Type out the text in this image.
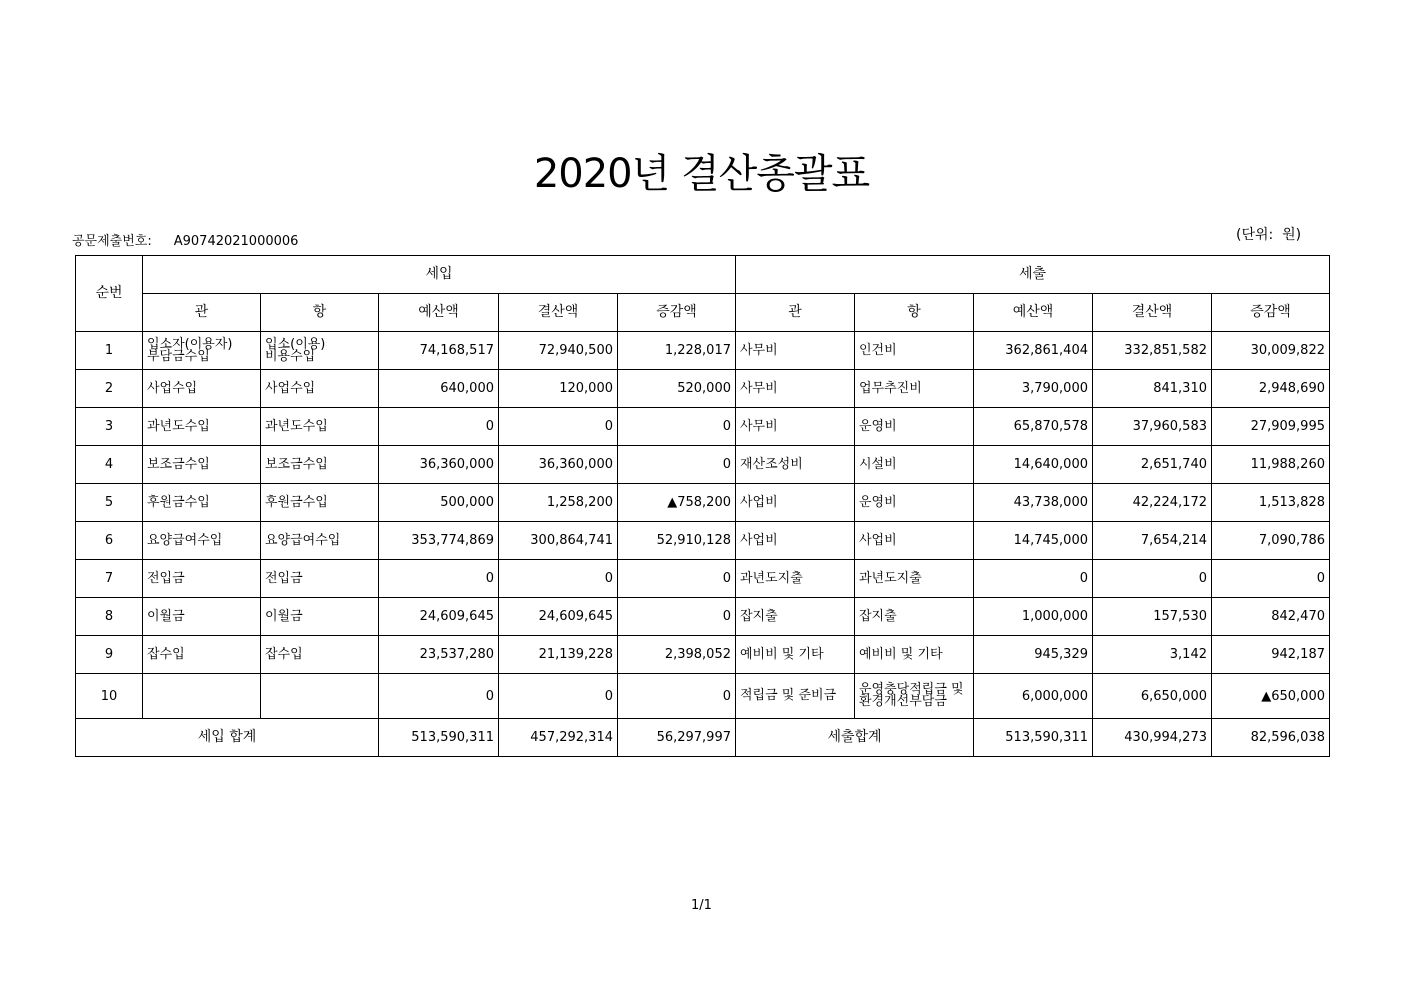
2020년 결산총괄표
공문제출번호: A90742021000006	(단위:  원)
순번	세입					세출				
	관	항	예산액	결산액	증감액	관	항	예산액	결산액	증감액
1	입소자(이용자)부담금수입	입소(이용)비용수입	74,168,517	72,940,500	1,228,017	사무비	인건비	362,861,404	332,851,582	30,009,822
2	사업수입	사업수입	640,000	120,000	520,000	사무비	업무추진비	3,790,000	841,310	2,948,690
3	과년도수입	과년도수입	0	0	0	사무비	운영비	65,870,578	37,960,583	27,909,995
4	보조금수입	보조금수입	36,360,000	36,360,000	0	재산조성비	시설비	14,640,000	2,651,740	11,988,260
5	후원금수입	후원금수입	500,000	1,258,200	▲758,200	사업비	운영비	43,738,000	42,224,172	1,513,828
6	요양급여수입	요양급여수입	353,774,869	300,864,741	52,910,128	사업비	사업비	14,745,000	7,654,214	7,090,786
7	전입금	전입금	0	0	0	과년도지출	과년도지출	0	0	0
8	이월금	이월금	24,609,645	24,609,645	0	잡지출	잡지출	1,000,000	157,530	842,470
9	잡수입	잡수입	23,537,280	21,139,228	2,398,052	예비비 및 기타	예비비 및 기타	945,329	3,142	942,187
10			0	0	0	적립금 및 준비금	운영충당적립금 및 환경개선부담금	6,000,000	6,650,000	▲650,000
세입 합계			513,590,311	457,292,314	56,297,997	세출합계		513,590,311	430,994,273	82,596,038
1/1
